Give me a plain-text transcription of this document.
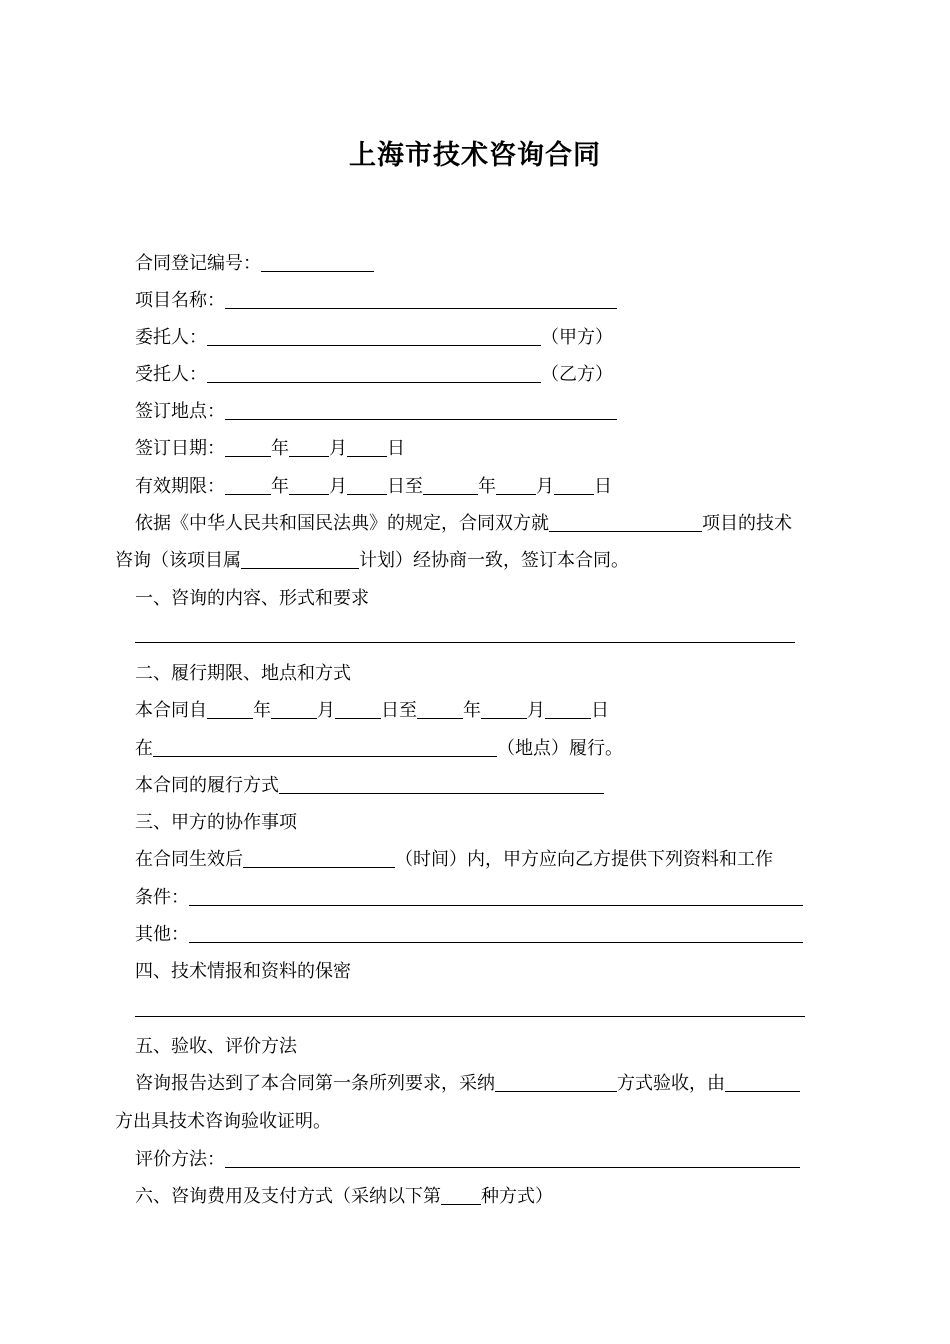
上海市技术咨询合同
合同登记编号：
项目名称：
委托人：	（甲方）
受托人：	（乙方）
签订地点：
签订日期：	年 月 日
有效期限：	年 月 日至	年 月 日
依据《中华人民共和国民法典》的规定，合同双方就	项目的技术
咨询（该项目属	计划）经协商一致，签订本合同。
一、咨询的内容、形式和要求
二、履行期限、地点和方式
本合同自	年	月	日至	年	月	日
在	（地点）履行。
本合同的履行方式
三、甲方的协作事项
在合同生效后	（时间）内，甲方应向乙方提供下列资料和工作
条件：
其他：
四、技术情报和资料的保密
五、验收、评价方法
咨询报告达到了本合同第一条所列要求，采纳	方式验收，由
方出具技术咨询验收证明。
评价方法：
六、咨询费用及支付方式（采纳以下第 种方式）
